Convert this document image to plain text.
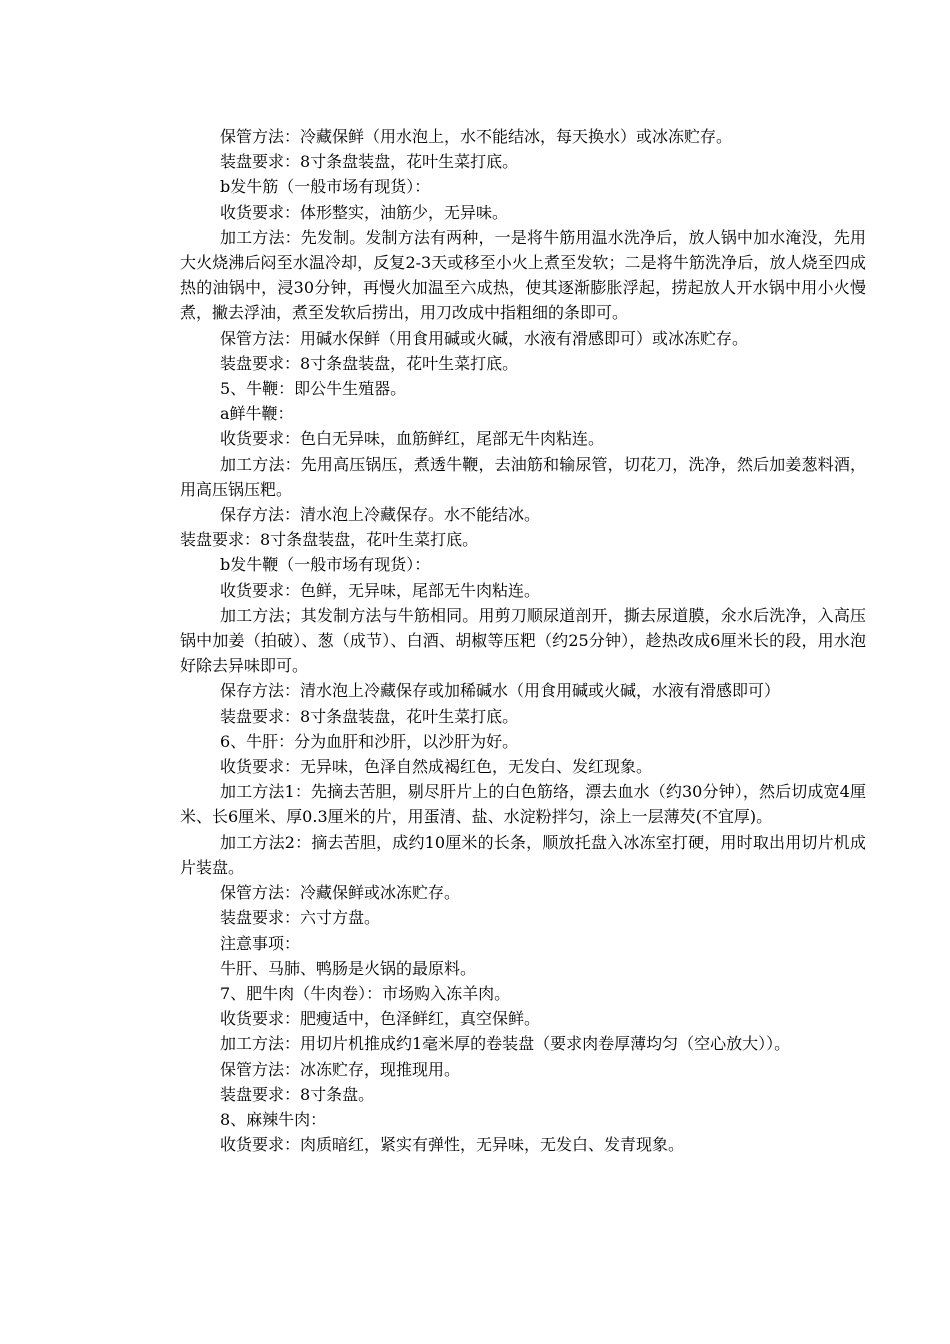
保管方法：冷藏保鲜（用水泡上，水不能结冰，每天换水）或冰冻贮存。

装盘要求：8寸条盘装盘，花叶生菜打底。

b发牛筋（一般市场有现货）：

收货要求：体形整实，油筋少，无异味。

加工方法：先发制。发制方法有两种，一是将牛筋用温水洗净后，放人锅中加水淹没，先用大火烧沸后闷至水温冷却，反复2-3天或移至小火上煮至发软；二是将牛筋洗净后，放人烧至四成热的油锅中，浸30分钟，再慢火加温至六成热，使其逐渐膨胀浮起，捞起放人开水锅中用小火慢煮，撇去浮油，煮至发软后捞出，用刀改成中指粗细的条即可。

保管方法：用碱水保鲜（用食用碱或火碱，水液有滑感即可）或冰冻贮存。

装盘要求：8寸条盘装盘，花叶生菜打底。

5、牛鞭：即公牛生殖器。

a鲜牛鞭：

收货要求：色白无异味，血筋鲜红，尾部无牛肉粘连。

加工方法：先用高压锅压，煮透牛鞭，去油筋和输尿管，切花刀，洗净，然后加姜葱料酒，用高压锅压粑。

保存方法：清水泡上冷藏保存。水不能结冰。

装盘要求：8寸条盘装盘，花叶生菜打底。

b发牛鞭（一般市场有现货）：

收货要求：色鲜，无异味，尾部无牛肉粘连。

加工方法；其发制方法与牛筋相同。用剪刀顺尿道剖开，撕去尿道膜，氽水后洗净，入高压锅中加姜（拍破）、葱（成节）、白酒、胡椒等压粑（约25分钟），趁热改成6厘米长的段，用水泡好除去异味即可。

保存方法：清水泡上冷藏保存或加稀碱水（用食用碱或火碱，水液有滑感即可）

装盘要求：8寸条盘装盘，花叶生菜打底。

6、牛肝：分为血肝和沙肝，以沙肝为好。

收货要求：无异味，色泽自然成褐红色，无发白、发红现象。

加工方法1：先摘去苦胆，剔尽肝片上的白色筋络，漂去血水（约30分钟），然后切成宽4厘米、长6厘米、厚0.3厘米的片，用蛋清、盐、水淀粉拌匀，涂上一层薄芡(不宜厚)。

加工方法2：摘去苦胆，成约10厘米的长条，顺放托盘入冰冻室打硬，用时取出用切片机成片装盘。

保管方法：冷藏保鲜或冰冻贮存。

装盘要求：六寸方盘。

注意事项：

牛肝、马肺、鸭肠是火锅的最原料。

7、肥牛肉（牛肉卷）：市场购入冻羊肉。

收货要求：肥瘦适中，色泽鲜红，真空保鲜。

加工方法：用切片机推成约1毫米厚的卷装盘（要求肉卷厚薄均匀（空心放大））。

保管方法：冰冻贮存，现推现用。

装盘要求：8寸条盘。

8、麻辣牛肉：

收货要求：肉质暗红，紧实有弹性，无异味，无发白、发青现象。
